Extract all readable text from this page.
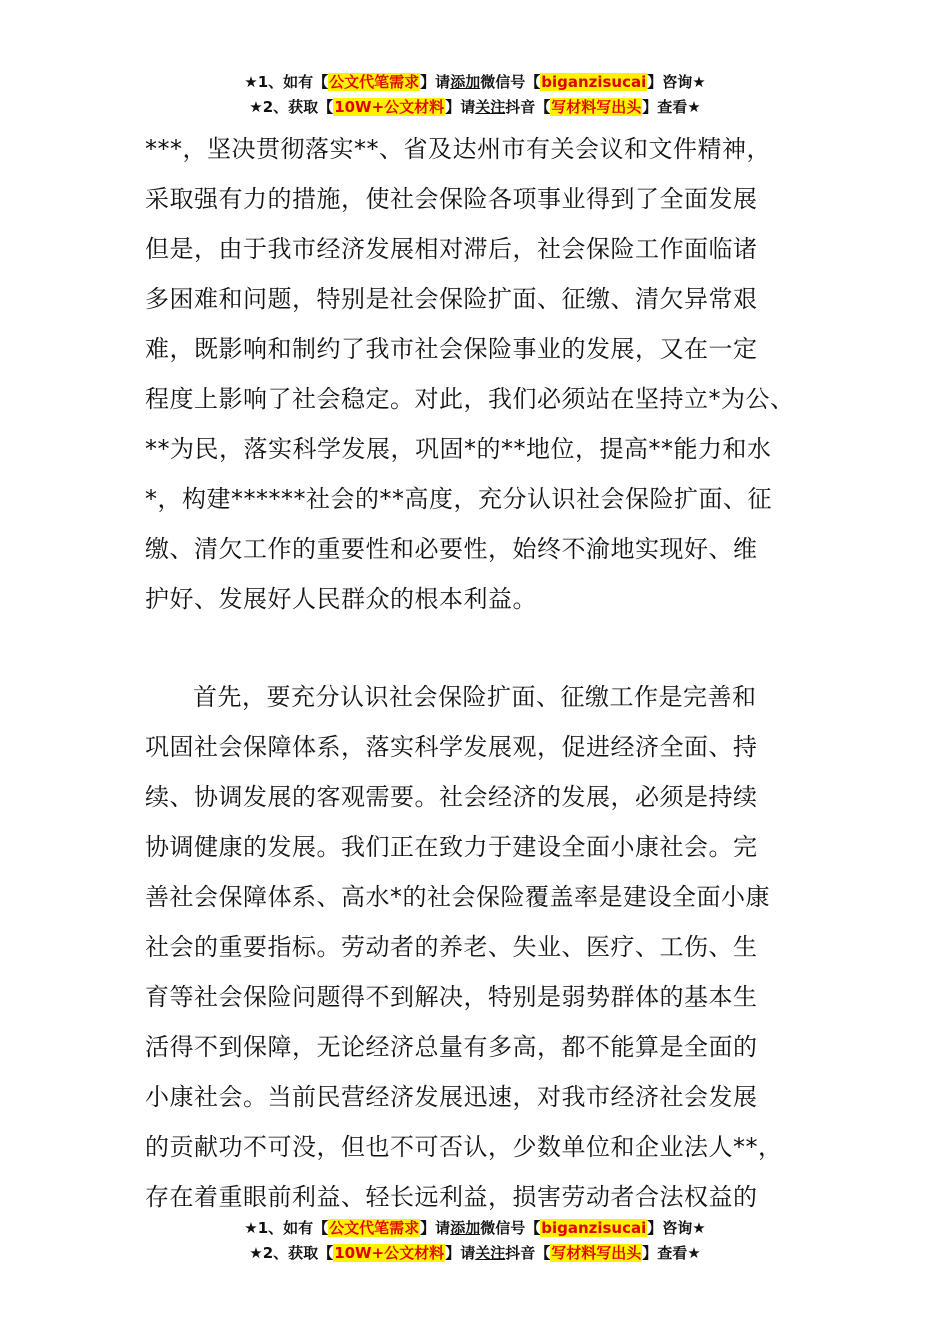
★1、如有【公文代笔需求】请添加微信号【biganzisucai】咨询★
★2、获取【10W+公文材料】请关注抖音【写材料写出头】查看★

***，坚决贯彻落实**、省及达州市有关会议和文件精神，
采取强有力的措施，使社会保险各项事业得到了全面发展
但是，由于我市经济发展相对滞后，社会保险工作面临诸
多困难和问题，特别是社会保险扩面、征缴、清欠异常艰
难，既影响和制约了我市社会保险事业的发展，又在一定
程度上影响了社会稳定。对此，我们必须站在坚持立*为公、
**为民，落实科学发展，巩固*的**地位，提高**能力和水
*，构建******社会的**高度，充分认识社会保险扩面、征
缴、清欠工作的重要性和必要性，始终不渝地实现好、维
护好、发展好人民群众的根本利益。

首先，要充分认识社会保险扩面、征缴工作是完善和
巩固社会保障体系，落实科学发展观，促进经济全面、持
续、协调发展的客观需要。社会经济的发展，必须是持续
协调健康的发展。我们正在致力于建设全面小康社会。完
善社会保障体系、高水*的社会保险覆盖率是建设全面小康
社会的重要指标。劳动者的养老、失业、医疗、工伤、生
育等社会保险问题得不到解决，特别是弱势群体的基本生
活得不到保障，无论经济总量有多高，都不能算是全面的
小康社会。当前民营经济发展迅速，对我市经济社会发展
的贡献功不可没，但也不可否认，少数单位和企业法人**，
存在着重眼前利益、轻长远利益，损害劳动者合法权益的

★1、如有【公文代笔需求】请添加微信号【biganzisucai】咨询★
★2、获取【10W+公文材料】请关注抖音【写材料写出头】查看★
